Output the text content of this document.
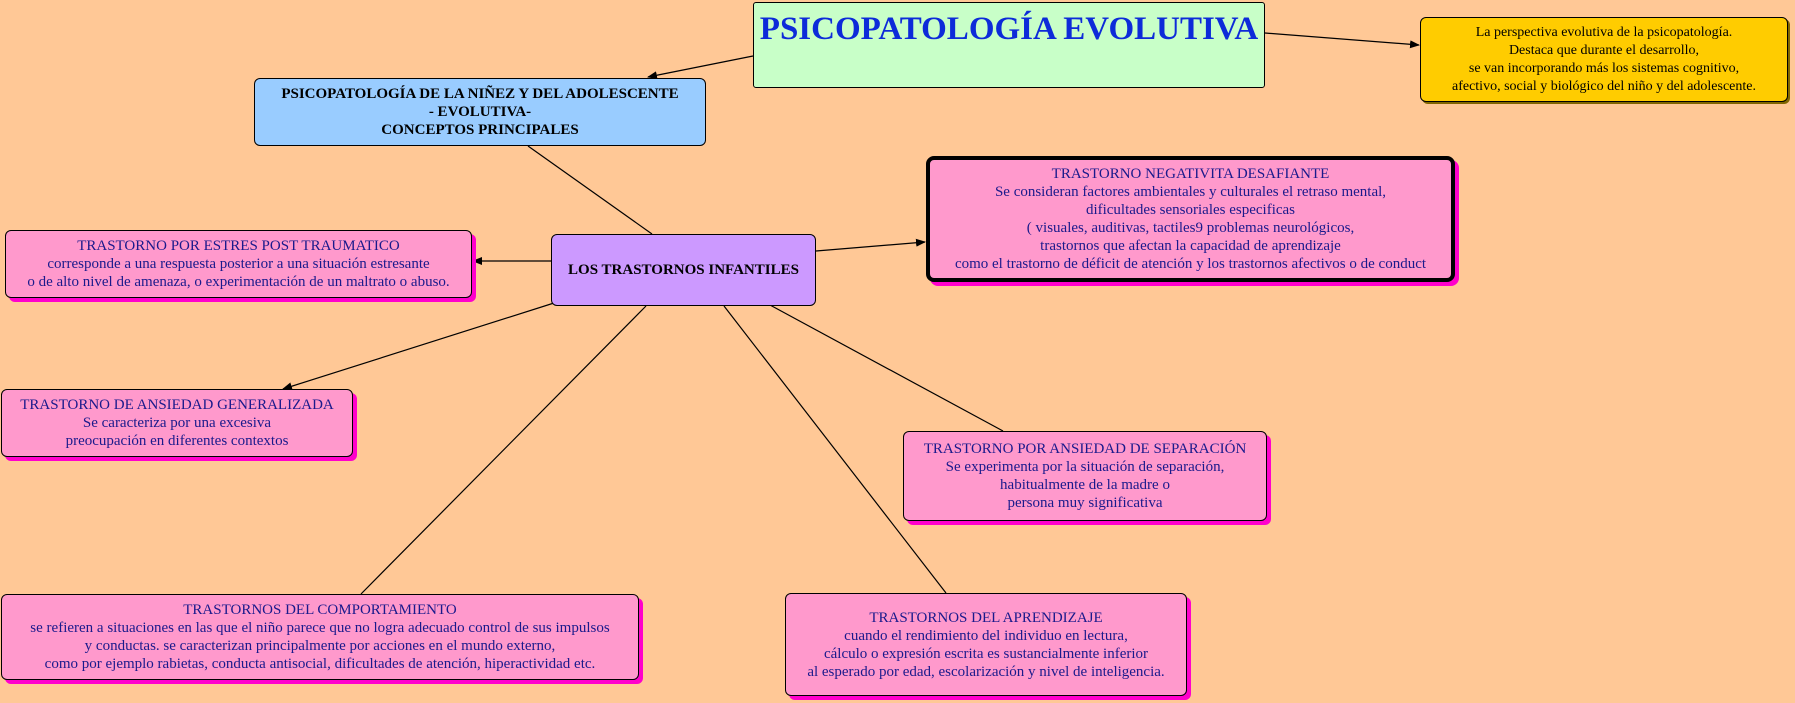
PSICOPATOLOGÍA EVOLUTIVA	La perspectiva evolutiva de la psicopatología.
Destaca que durante el desarrollo,
se van incorporando más los sistemas cognitivo,
afectivo, social y biológico del niño y del adolescente.
PSICOPATOLOGÍA DE LA NIÑEZ Y DEL ADOLESCENTE
- EVOLUTIVA-
CONCEPTOS PRINCIPALES
LOS TRASTORNOS INFANTILES
TRASTORNO NEGATIVITA DESAFIANTE
Se consideran factores ambientales y culturales el retraso mental,
dificultades sensoriales especificas
( visuales, auditivas, tactiles9 problemas neurológicos,
trastornos que afectan la capacidad de aprendizaje
como el trastorno de déficit de atención y los trastornos afectivos o de conduct
TRASTORNO POR ESTRES POST TRAUMATICO
corresponde a una respuesta posterior a una situación estresante
o de alto nivel de amenaza, o experimentación de un maltrato o abuso.
TRASTORNO DE ANSIEDAD GENERALIZADA
Se caracteriza por una excesiva
preocupación en diferentes contextos	TRASTORNO POR ANSIEDAD DE SEPARACIÓN
Se experimenta por la situación de separación,
habitualmente de la madre o
persona muy significativa
TRASTORNOS DEL COMPORTAMIENTO
se refieren a situaciones en las que el niño parece que no logra adecuado control de sus impulsos
y conductas. se caracterizan principalmente por acciones en el mundo externo,
como por ejemplo rabietas, conducta antisocial, dificultades de atención, hiperactividad etc.
TRASTORNOS DEL APRENDIZAJE
cuando el rendimiento del individuo en lectura,
cálculo o expresión escrita es sustancialmente inferior
al esperado por edad, escolarización y nivel de inteligencia.
